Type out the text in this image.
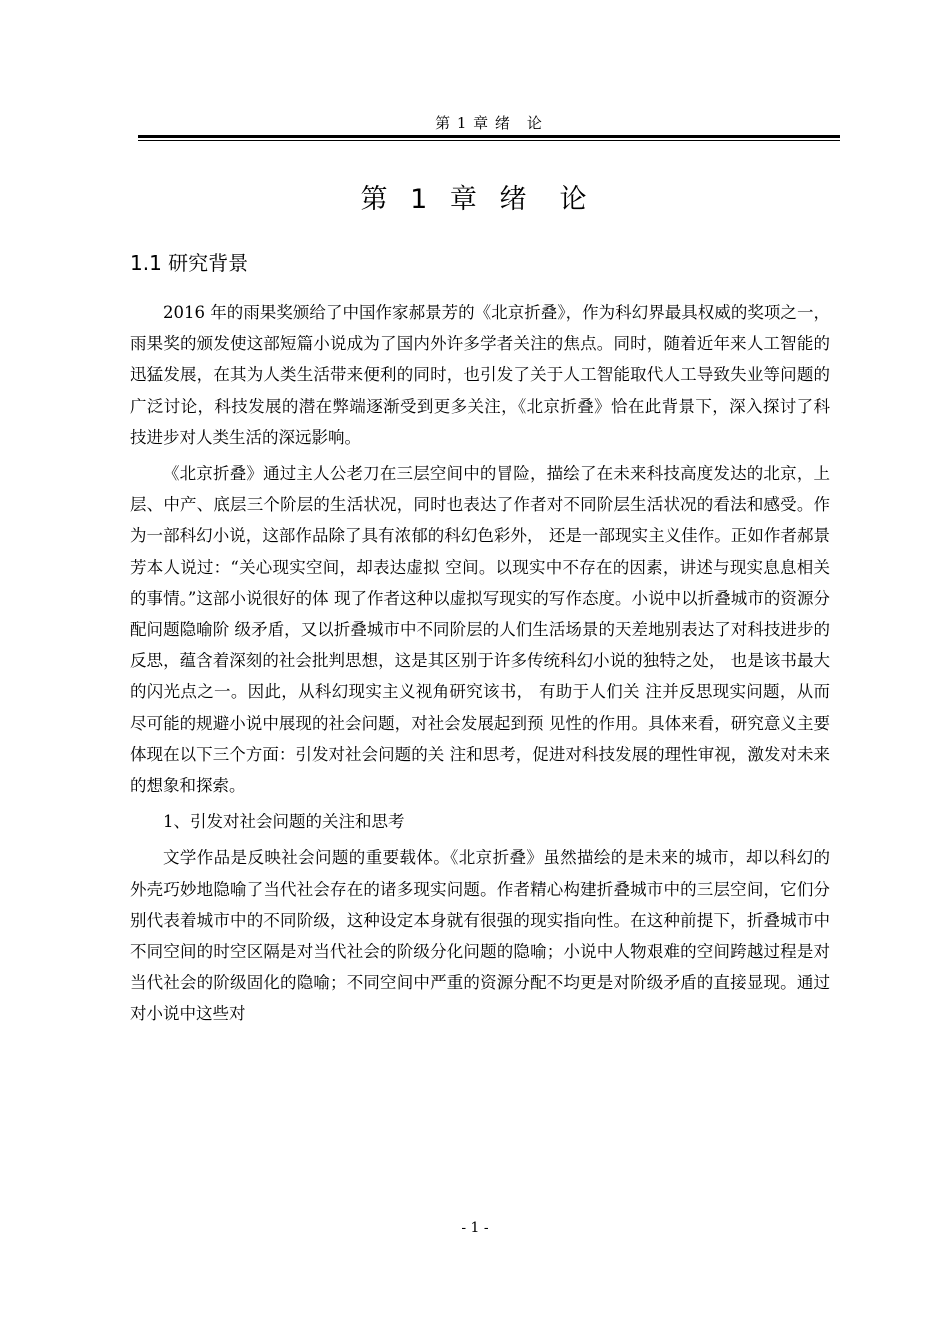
第 1 章 绪　论
第 1 章 绪　论
1.1 研究背景

2016 年的雨果奖颁给了中国作家郝景芳的《北京折叠》，作为科幻界最具权威的奖项之一，雨果奖的颁发使这部短篇小说成为了国内外许多学者关注的焦点。同时，随着近年来人工智能的迅猛发展，在其为人类生活带来便利的同时，也引发了关于人工智能取代人工导致失业等问题的广泛讨论，科技发展的潜在弊端逐渐受到更多关注，《北京折叠》恰在此背景下，深入探讨了科技进步对人类生活的深远影响。

《北京折叠》通过主人公老刀在三层空间中的冒险，描绘了在未来科技高度发达的北京，上层、中产、底层三个阶层的生活状况，同时也表达了作者对不同阶层生活状况的看法和感受。作为一部科幻小说，这部作品除了具有浓郁的科幻色彩外， 还是一部现实主义佳作。正如作者郝景芳本人说过：“关心现实空间，却表达虚拟 空间。以现实中不存在的因素，讲述与现实息息相关的事情。”这部小说很好的体 现了作者这种以虚拟写现实的写作态度。小说中以折叠城市的资源分配问题隐喻阶 级矛盾，又以折叠城市中不同阶层的人们生活场景的天差地别表达了对科技进步的 反思，蕴含着深刻的社会批判思想，这是其区别于许多传统科幻小说的独特之处， 也是该书最大的闪光点之一。因此，从科幻现实主义视角研究该书， 有助于人们关 注并反思现实问题，从而尽可能的规避小说中展现的社会问题，对社会发展起到预 见性的作用。具体来看，研究意义主要体现在以下三个方面：引发对社会问题的关 注和思考，促进对科技发展的理性审视，激发对未来的想象和探索。

1、引发对社会问题的关注和思考

文学作品是反映社会问题的重要载体。《北京折叠》虽然描绘的是未来的城市，却以科幻的外壳巧妙地隐喻了当代社会存在的诸多现实问题。作者精心构建折叠城市中的三层空间，它们分别代表着城市中的不同阶级，这种设定本身就有很强的现实指向性。在这种前提下，折叠城市中不同空间的时空区隔是对当代社会的阶级分化问题的隐喻；小说中人物艰难的空间跨越过程是对当代社会的阶级固化的隐喻；不同空间中严重的资源分配不均更是对阶级矛盾的直接显现。通过对小说中这些对

- 1 -
